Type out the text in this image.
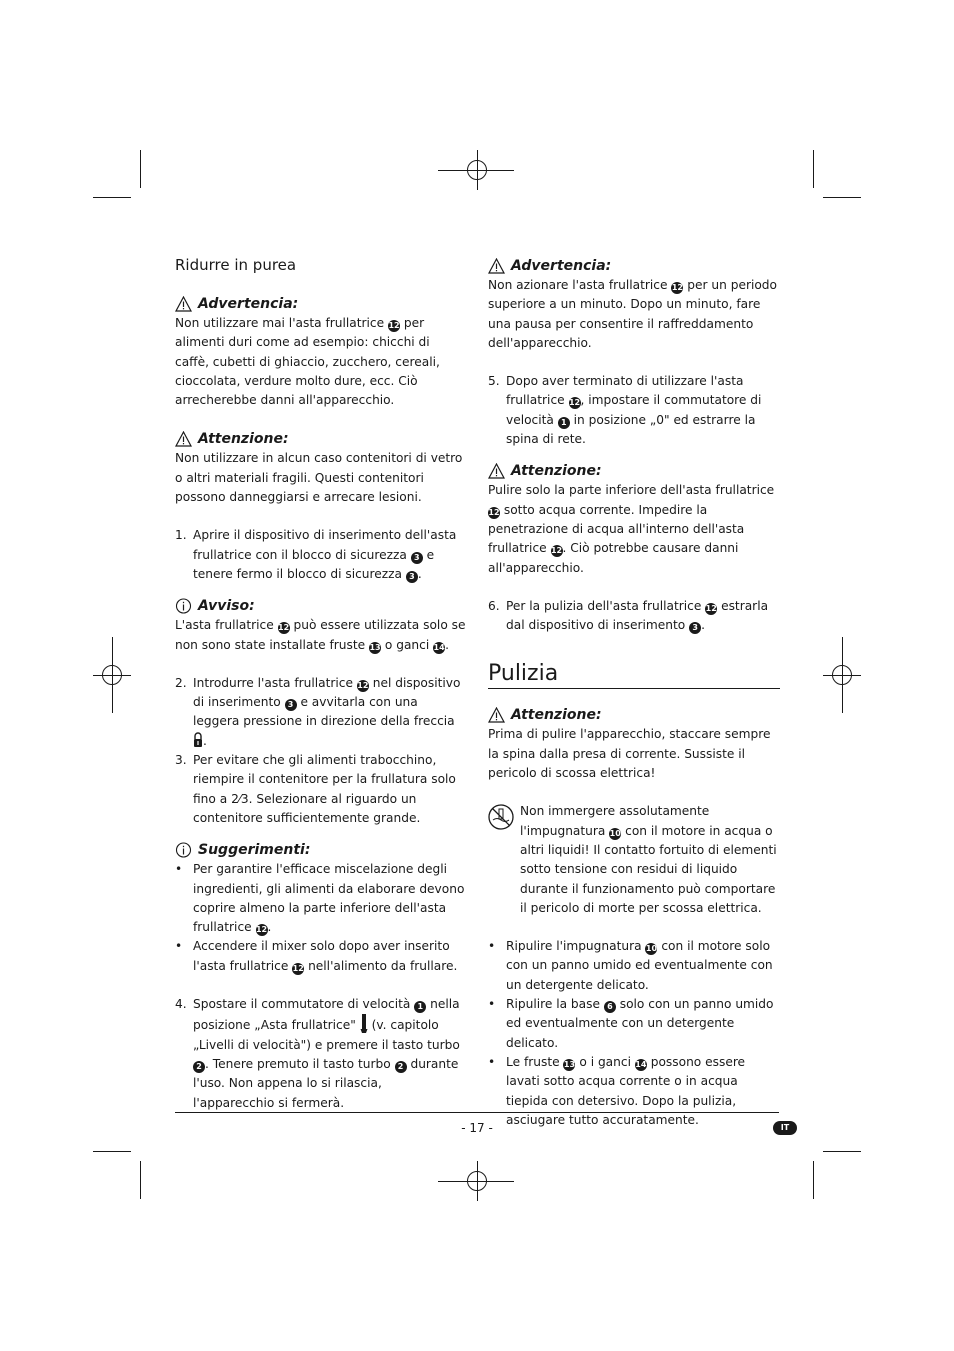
Ridurre in purea
Advertencia:

Non utilizzare mai l'asta frullatrice 12 per alimenti duri come ad esempio: chicchi di caffè, cubetti di ghiaccio, zucchero, cereali, cioccolata, verdure molto dure, ecc. Ciò arrecherebbe danni all'apparecchio.

Attenzione:

Non utilizzare in alcun caso contenitori di vetro o altri materiali fragili. Questi contenitori possono danneggiarsi e arrecare lesioni.

1. Aprire il dispositivo di inserimento dell'asta frullatrice con il blocco di sicurezza 3 e tenere fermo il blocco di sicurezza 3 .
Avviso:

L'asta frullatrice 12 può essere utilizzata solo se non sono state installate fruste 13 o ganci 14.

2. Introdurre l'asta frullatrice 12 nel dispositivo di inserimento 3 e avvitarla con una leggera pressione in direzione della freccia .
3. Per evitare che gli alimenti trabocchino, riempire il contenitore per la frullatura solo fino a 2⁄3. Selezionare al riguardo un contenitore sufficientemente grande.
Suggerimenti:
• Per garantire l'efficace miscelazione degli ingredienti, gli alimenti da elaborare devono coprire almeno la parte inferiore dell'asta frullatrice 12.
• Accendere il mixer solo dopo aver inserito l'asta frullatrice 12 nell'alimento da frullare.
4. Spostare il commutatore di velocità 1 nella posizione „Asta frullatrice" (v. capitolo „Livelli di velocità") e premere il tasto turbo 2 . Tenere premuto il tasto turbo 2 durante l'uso. Non appena lo si rilascia, l'apparecchio si fermerà.
Advertencia:

Non azionare l'asta frullatrice 12 per un periodo superiore a un minuto. Dopo un minuto, fare una pausa per consentire il raffreddamento dell'apparecchio.

5. Dopo aver terminato di utilizzare l'asta frullatrice 12, impostare il commutatore di velocità 1 in posizione „0" ed estrarre la spina di rete.
Attenzione:

Pulire solo la parte inferiore dell'asta frullatrice 12 sotto acqua corrente. Impedire la penetrazione di acqua all'interno dell'asta frullatrice 12. Ciò potrebbe causare danni all'apparecchio.

6. Per la pulizia dell'asta frullatrice 12 estrarla dal dispositivo di inserimento 3 .
Pulizia
Attenzione:

Prima di pulire l'apparecchio, staccare sempre la spina dalla presa di corrente. Sussiste il pericolo di scossa elettrica!

Non immergere assolutamente l'impugnatura 10 con il motore in acqua o altri liquidi! Il contatto fortuito di elementi sotto tensione con residui di liquido durante il funzionamento può comportare il pericolo di morte per scossa elettrica.

• Ripulire l'impugnatura 10 con il motore solo con un panno umido ed eventualmente con un detergente delicato.
• Ripulire la base 6 solo con un panno umido ed eventualmente con un detergente delicato.
• Le fruste 13 o i ganci 14 possono essere lavati sotto acqua corrente o in acqua tiepida con detersivo. Dopo la pulizia, asciugare tutto accuratamente.
- 17 -	IT
